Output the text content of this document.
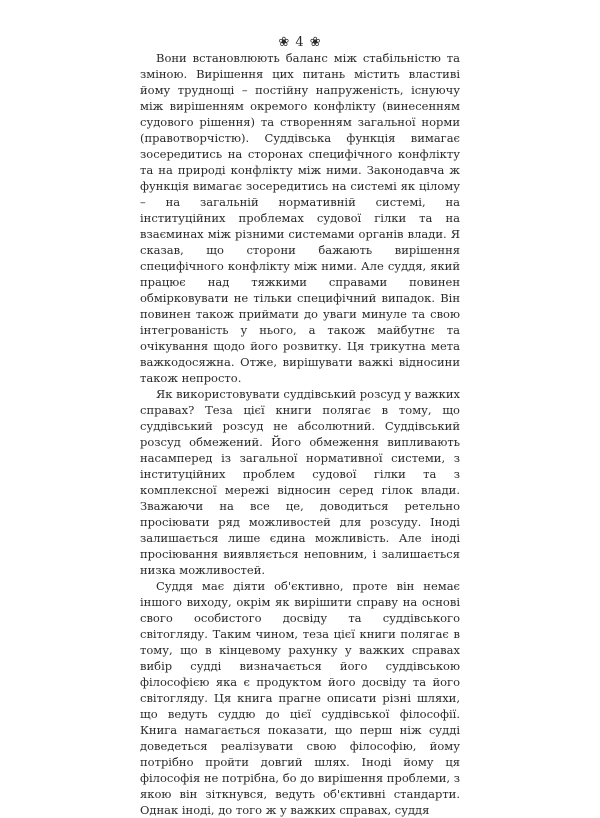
❀ 4 ❀

Вони встановлюють баланс між стабільністю та зміною. Вирішення цих питань містить властиві йому труднощі – постійну напруженість, існуючу між вирішенням окремого конфлікту (винесенням судового рішення) та створенням загальної норми (правотворчістю). Суддівська функція вимагає зосередитись на сторонах специфічного конфлікту та на природі конфлікту між ними. Законодавча ж функція вимагає зосередитись на системі як цілому – на загальній нормативній системі, на інституційних проблемах судової гілки та на взаєминах між різними системами органів влади. Я сказав, що сторони бажають вирішення специфічного конфлікту між ними. Але суддя, який працює над тяжкими справами повинен обмірковувати не тільки специфічний випадок. Він повинен також приймати до уваги минуле та свою інтегрованість у нього, а також майбутнє та очікування щодо його розвитку. Ця трикутна мета важкодосяжна. Отже, вирішувати важкі відносини також непросто.

Як використовувати суддівський розсуд у важких справах? Теза цієї книги полягає в тому, що суддівський розсуд не абсолютний. Суддівський розсуд обмежений. Його обмеження випливають насамперед із загальної нормативної системи, з інституційних проблем судової гілки та з комплексної мережі відносин серед гілок влади. Зважаючи на все це, доводиться ретельно просіювати ряд можливостей для розсуду. Іноді залишається лише єдина можливість. Але іноді просіювання виявляється неповним, і залишається низка можливостей.

Суддя має діяти об'єктивно, проте він немає іншого виходу, окрім як вирішити справу на основі свого особистого досвіду та суддівського світогляду. Таким чином, теза цієї книги полягає в тому, що в кінцевому рахунку у важких справах вибір судді визначається його суддівською філософією яка є продуктом його досвіду та його світогляду. Ця книга прагне описати різні шляхи, що ведуть суддю до цієї суддівської філософії. Книга намагається показати, що перш ніж судді доведеться реалізувати свою філософію, йому потрібно пройти довгий шлях. Іноді йому ця філософія не потрібна, бо до вирішення проблеми, з якою він зіткнувся, ведуть об'єктивні стандарти. Однак іноді, до того ж у важких справах, суддя
